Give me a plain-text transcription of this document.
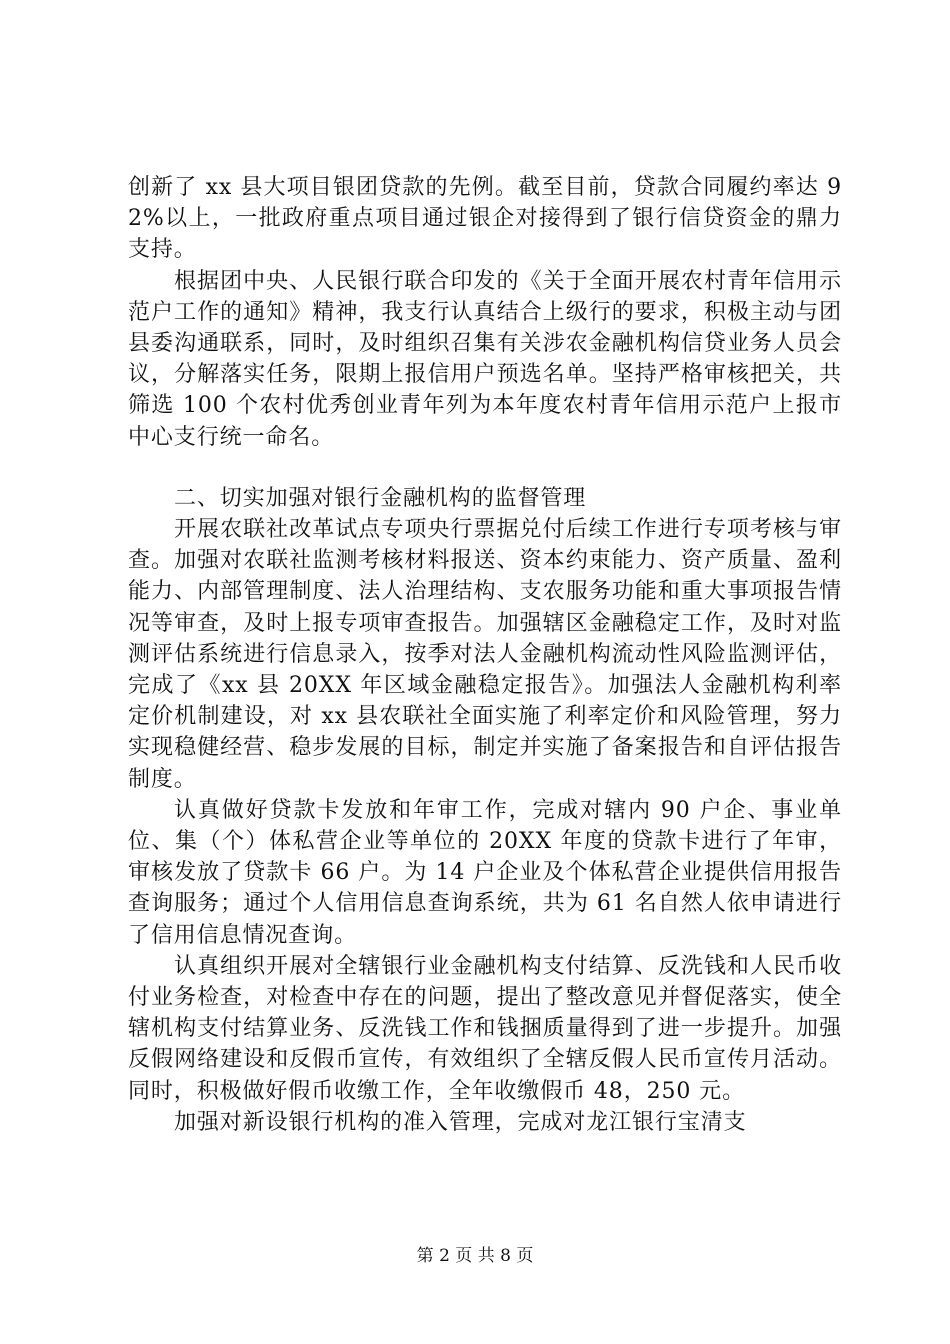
创新了 xx 县大项目银团贷款的先例。截至目前，贷款合同履约率达 92%以上，一批政府重点项目通过银企对接得到了银行信贷资金的鼎力支持。

根据团中央、人民银行联合印发的《关于全面开展农村青年信用示范户工作的通知》精神，我支行认真结合上级行的要求，积极主动与团县委沟通联系，同时，及时组织召集有关涉农金融机构信贷业务人员会议，分解落实任务，限期上报信用户预选名单。坚持严格审核把关，共筛选 100 个农村优秀创业青年列为本年度农村青年信用示范户上报市中心支行统一命名。

二、切实加强对银行金融机构的监督管理

开展农联社改革试点专项央行票据兑付后续工作进行专项考核与审查。加强对农联社监测考核材料报送、资本约束能力、资产质量、盈利能力、内部管理制度、法人治理结构、支农服务功能和重大事项报告情况等审查，及时上报专项审查报告。加强辖区金融稳定工作，及时对监测评估系统进行信息录入，按季对法人金融机构流动性风险监测评估，完成了《xx 县 20XX 年区域金融稳定报告》。加强法人金融机构利率定价机制建设，对 xx 县农联社全面实施了利率定价和风险管理，努力实现稳健经营、稳步发展的目标，制定并实施了备案报告和自评估报告制度。

认真做好贷款卡发放和年审工作，完成对辖内 90 户企、事业单位、集（个）体私营企业等单位的 20XX 年度的贷款卡进行了年审，审核发放了贷款卡 66 户。为 14 户企业及个体私营企业提供信用报告查询服务；通过个人信用信息查询系统，共为 61 名自然人依申请进行了信用信息情况查询。

认真组织开展对全辖银行业金融机构支付结算、反洗钱和人民币收付业务检查，对检查中存在的问题，提出了整改意见并督促落实，使全辖机构支付结算业务、反洗钱工作和钱捆质量得到了进一步提升。加强反假网络建设和反假币宣传，有效组织了全辖反假人民币宣传月活动。同时，积极做好假币收缴工作，全年收缴假币 48，250 元。

加强对新设银行机构的准入管理，完成对龙江银行宝清支

第 2 页 共 8 页
